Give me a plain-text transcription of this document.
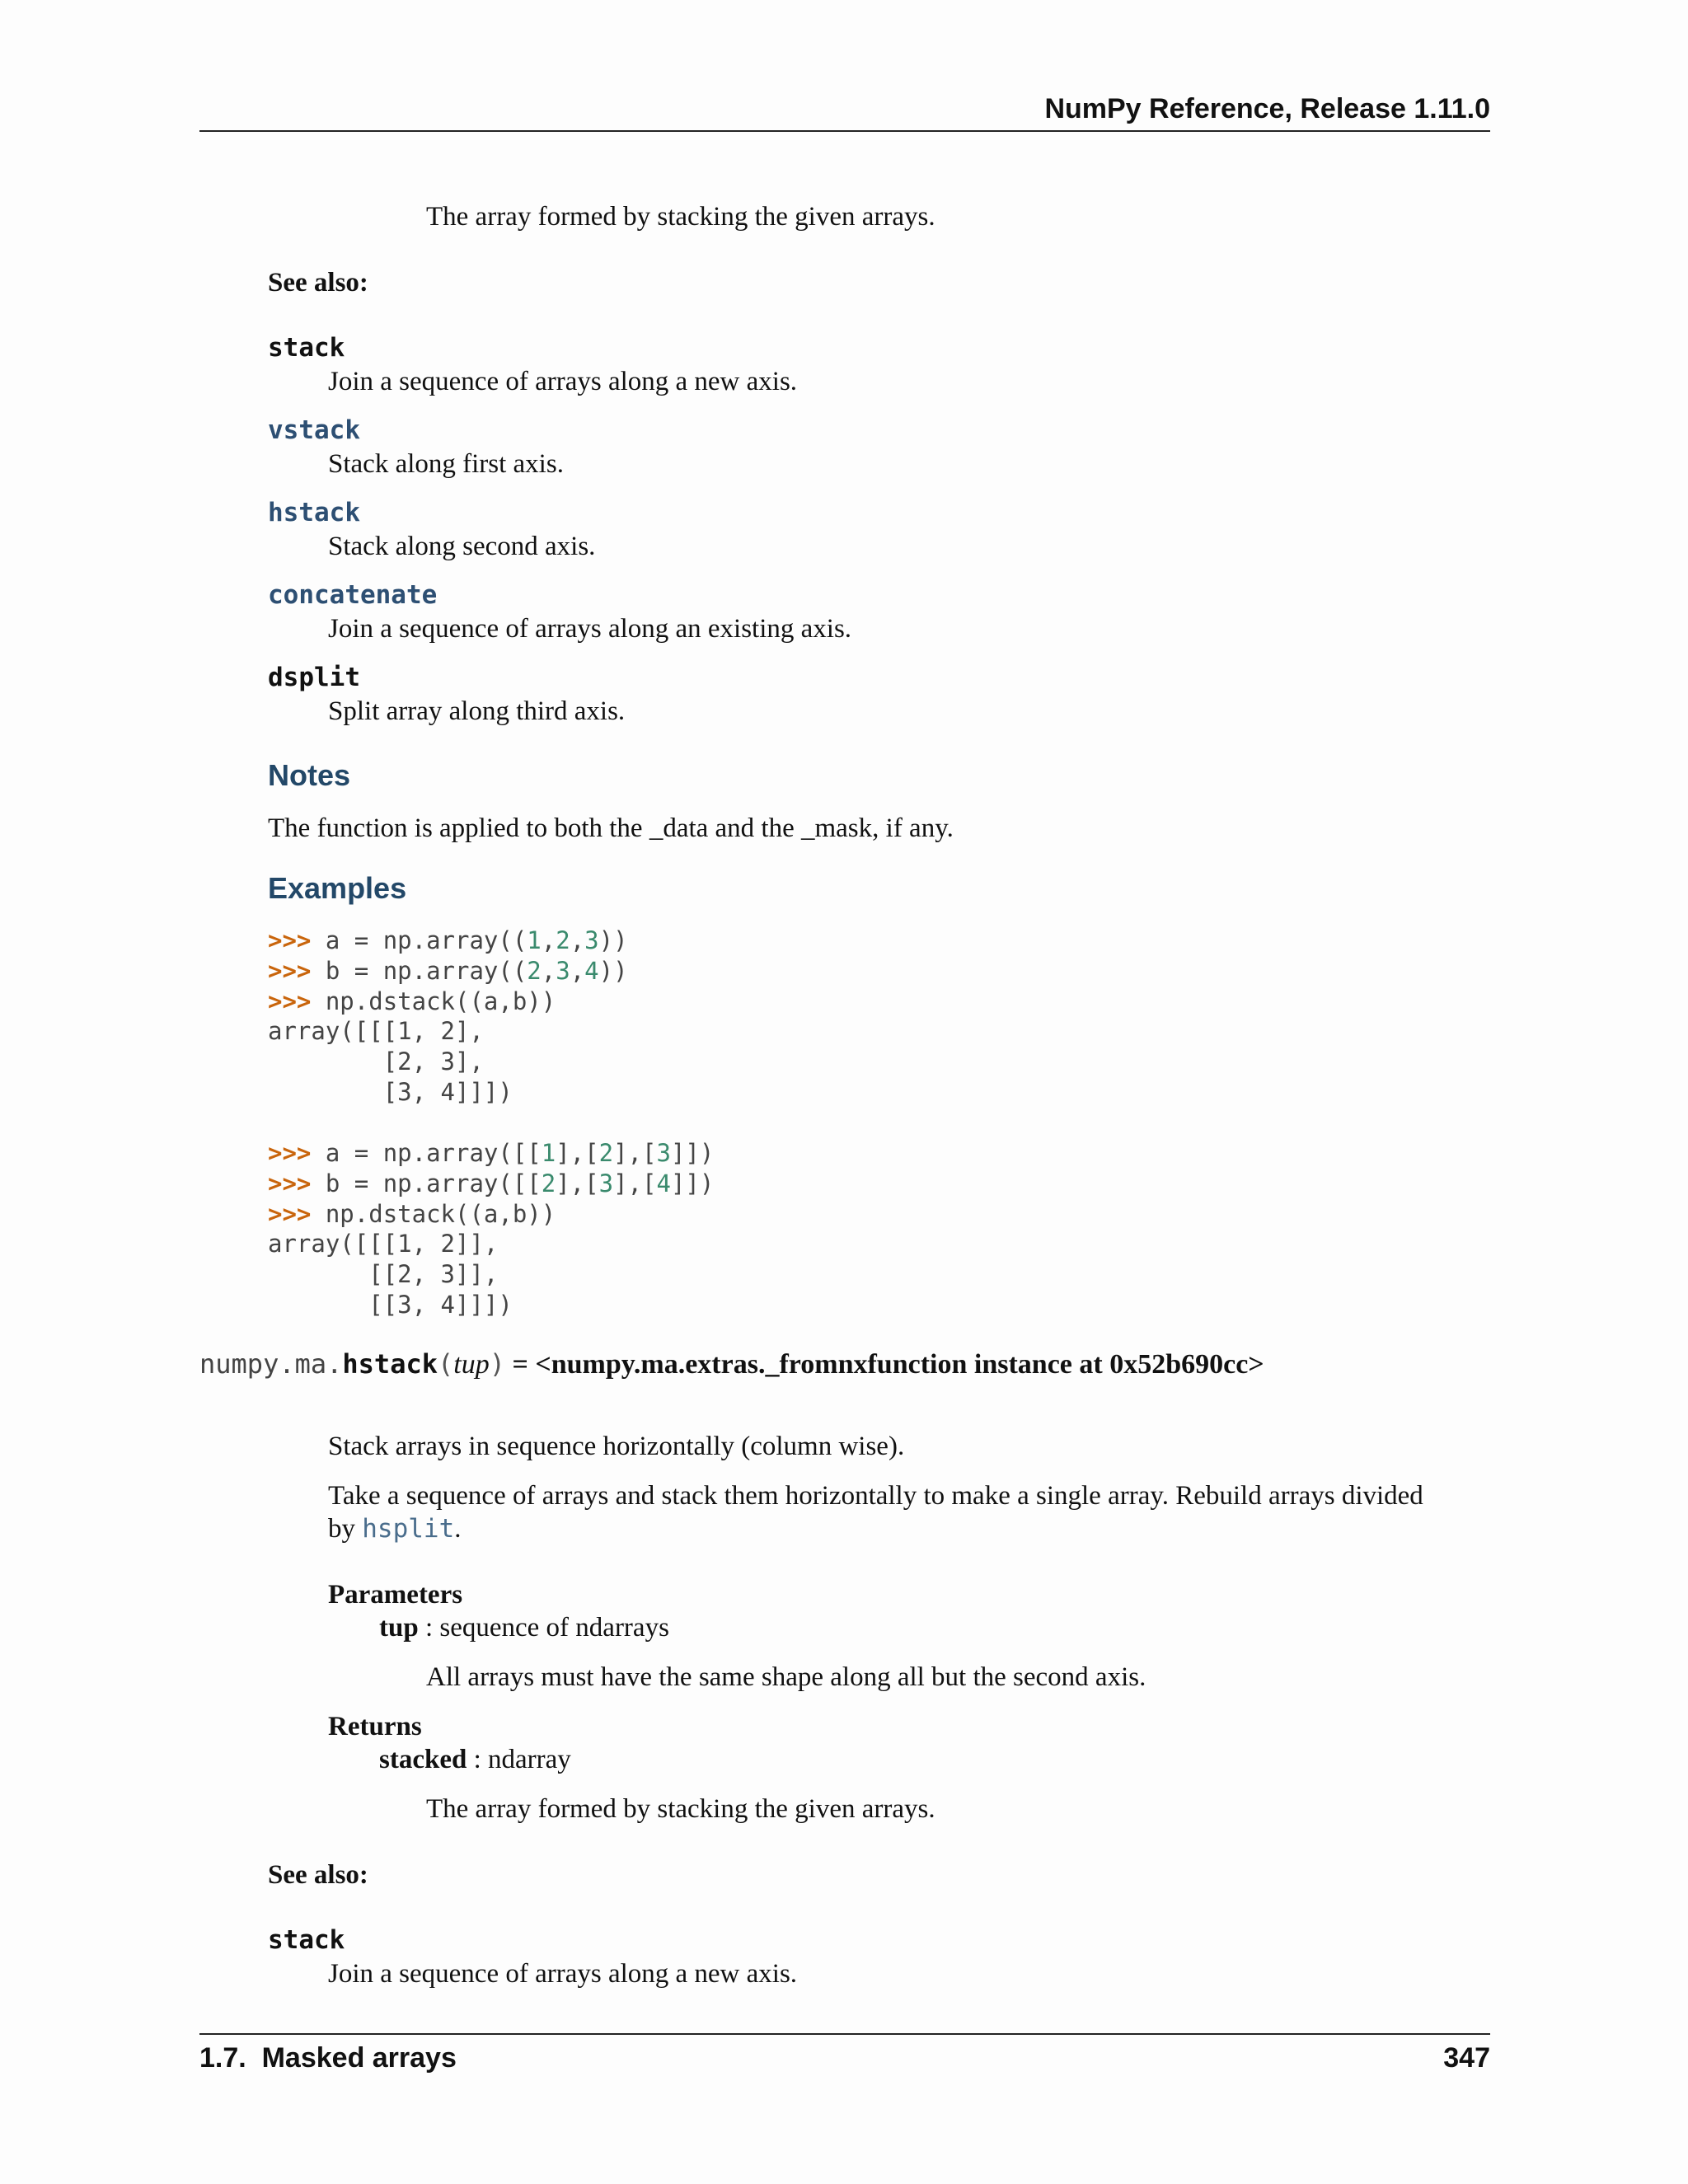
NumPy Reference, Release 1.11.0
The array formed by stacking the given arrays.
See also:
stack
Join a sequence of arrays along a new axis.
vstack
Stack along first axis.
hstack
Stack along second axis.
concatenate
Join a sequence of arrays along an existing axis.
dsplit
Split array along third axis.
Notes
The function is applied to both the _data and the _mask, if any.
Examples
>>> a = np.array((1,2,3))
>>> b = np.array((2,3,4))
>>> np.dstack((a,b))
array([[[1, 2],
[2, 3],
[3, 4]]])
>>> a = np.array([[1],[2],[3]])
>>> b = np.array([[2],[3],[4]])
>>> np.dstack((a,b))
array([[[1, 2]],
[[2, 3]],
[[3, 4]]])
numpy.ma.hstack(tup) = <numpy.ma.extras._fromnxfunction instance at 0x52b690cc>
Stack arrays in sequence horizontally (column wise).
Take a sequence of arrays and stack them horizontally to make a single array. Rebuild arrays divided
by hsplit.
Parameters
tup : sequence of ndarrays
All arrays must have the same shape along all but the second axis.
Returns
stacked : ndarray
The array formed by stacking the given arrays.
See also:
stack
Join a sequence of arrays along a new axis.
1.7.  Masked arrays	347
